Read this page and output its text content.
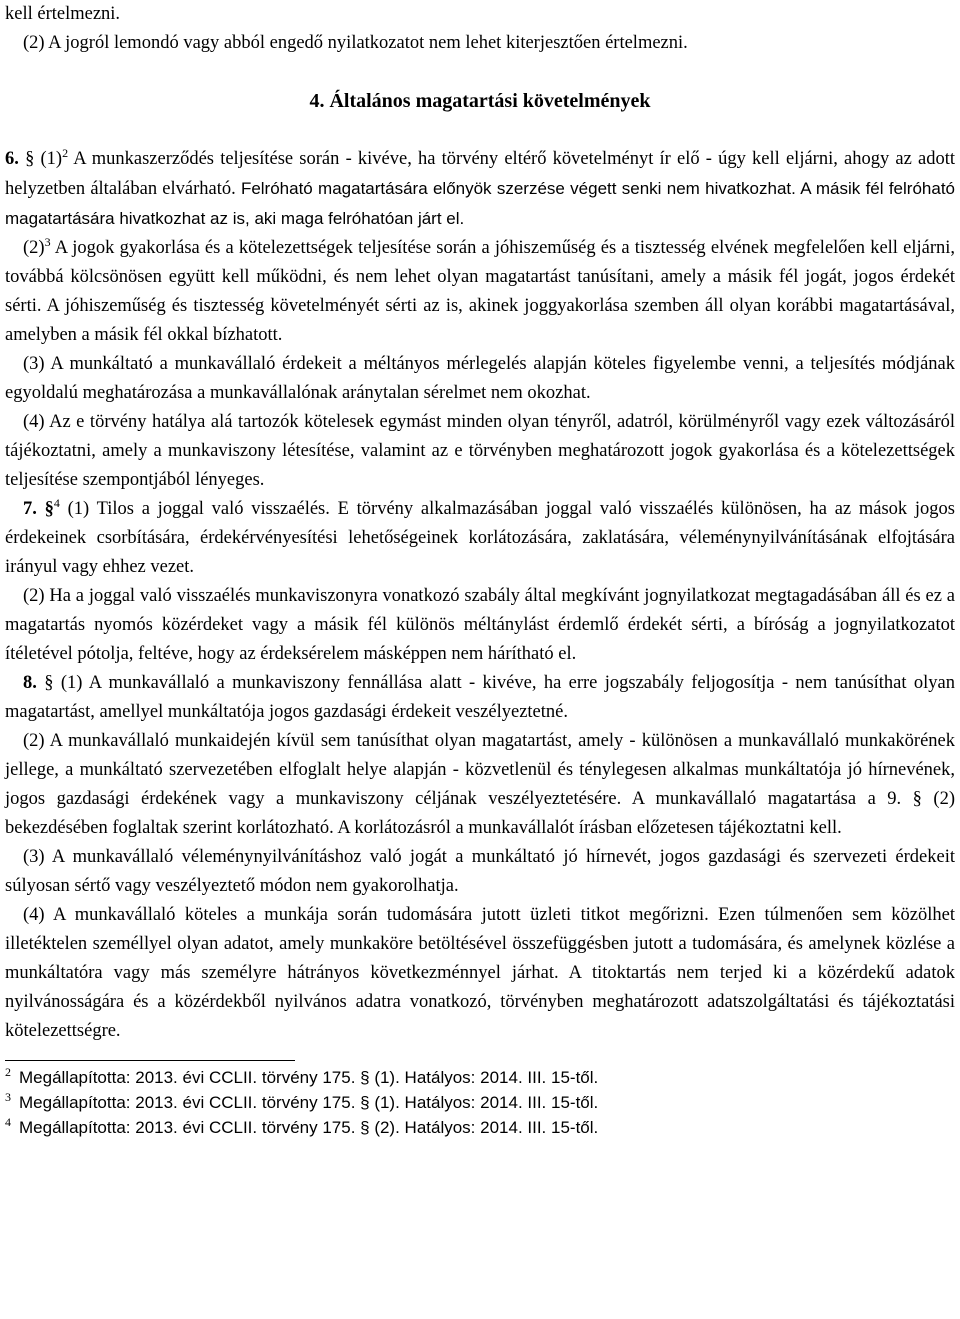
kell értelmezni.

(2) A jogról lemondó vagy abból engedő nyilatkozatot nem lehet kiterjesztően értelmezni.

4. Általános magatartási követelmények

6. § $(1)^2$ A munkaszerződés teljesítése során - kivéve, ha törvény eltérő követelményt ír elő - úgy kell eljárni, ahogy az adott helyzetben általában elvárható. Felróható magatartására előnyök szerzése végett senki nem hivatkozhat. A másik fél felróható magatartására hivatkozhat az is, aki maga felróhatóan járt el.

$(2)^3$ A jogok gyakorlása és a kötelezettségek teljesítése során a jóhiszeműség és a tisztesség elvének megfelelően kell eljárni, továbbá kölcsönösen együtt kell működni, és nem lehet olyan magatartást tanúsítani, amely a másik fél jogát, jogos érdekét sérti. A jóhiszeműség és tisztesség követelményét sérti az is, akinek joggyakorlása szemben áll olyan korábbi magatartásával, amelyben a másik fél okkal bízhatott.

(3) A munkáltató a munkavállaló érdekeit a méltányos mérlegelés alapján köteles figyelembe venni, a teljesítés módjának egyoldalú meghatározása a munkavállalónak aránytalan sérelmet nem okozhat.

(4) Az e törvény hatálya alá tartozók kötelesek egymást minden olyan tényről, adatról, körülményről vagy ezek változásáról tájékoztatni, amely a munkaviszony létesítése, valamint az e törvényben meghatározott jogok gyakorlása és a kötelezettségek teljesítése szempontjából lényeges.

7. §$^4$ (1) Tilos a joggal való visszaélés. E törvény alkalmazásában joggal való visszaélés különösen, ha az mások jogos érdekeinek csorbítására, érdekérvényesítési lehetőségeinek korlátozására, zaklatására, véleménynyilvánításának elfojtására irányul vagy ehhez vezet.

(2) Ha a joggal való visszaélés munkaviszonyra vonatkozó szabály által megkívánt jognyilatkozat megtagadásában áll és ez a magatartás nyomós közérdeket vagy a másik fél különös méltánylást érdemlő érdekét sérti, a bíróság a jognyilatkozatot ítéletével pótolja, feltéve, hogy az érdeksérelem másképpen nem hárítható el.

8. § (1) A munkavállaló a munkaviszony fennállása alatt - kivéve, ha erre jogszabály feljogosítja - nem tanúsíthat olyan magatartást, amellyel munkáltatója jogos gazdasági érdekeit veszélyeztetné.

(2) A munkavállaló munkaidején kívül sem tanúsíthat olyan magatartást, amely - különösen a munkavállaló munkakörének jellege, a munkáltató szervezetében elfoglalt helye alapján - közvetlenül és ténylegesen alkalmas munkáltatója jó hírnevének, jogos gazdasági érdekének vagy a munkaviszony céljának veszélyeztetésére. A munkavállaló magatartása a 9. § (2) bekezdésében foglaltak szerint korlátozható. A korlátozásról a munkavállalót írásban előzetesen tájékoztatni kell.

(3) A munkavállaló véleménynyilvánításhoz való jogát a munkáltató jó hírnevét, jogos gazdasági és szervezeti érdekeit súlyosan sértő vagy veszélyeztető módon nem gyakorolhatja.

(4) A munkavállaló köteles a munkája során tudomására jutott üzleti titkot megőrizni. Ezen túlmenően sem közölhet illetéktelen személlyel olyan adatot, amely munkaköre betöltésével összefüggésben jutott a tudomására, és amelynek közlése a munkáltatóra vagy más személyre hátrányos következménnyel járhat. A titoktartás nem terjed ki a közérdekű adatok nyilvánosságára és a közérdekből nyilvános adatra vonatkozó, törvényben meghatározott adatszolgáltatási és tájékoztatási kötelezettségre.

$^2$ Megállapította: 2013. évi CCLII. törvény 175. § (1). Hatályos: 2014. III. 15-től.

$^3$ Megállapította: 2013. évi CCLII. törvény 175. § (1). Hatályos: 2014. III. 15-től.

$^4$ Megállapította: 2013. évi CCLII. törvény 175. § (2). Hatályos: 2014. III. 15-től.
